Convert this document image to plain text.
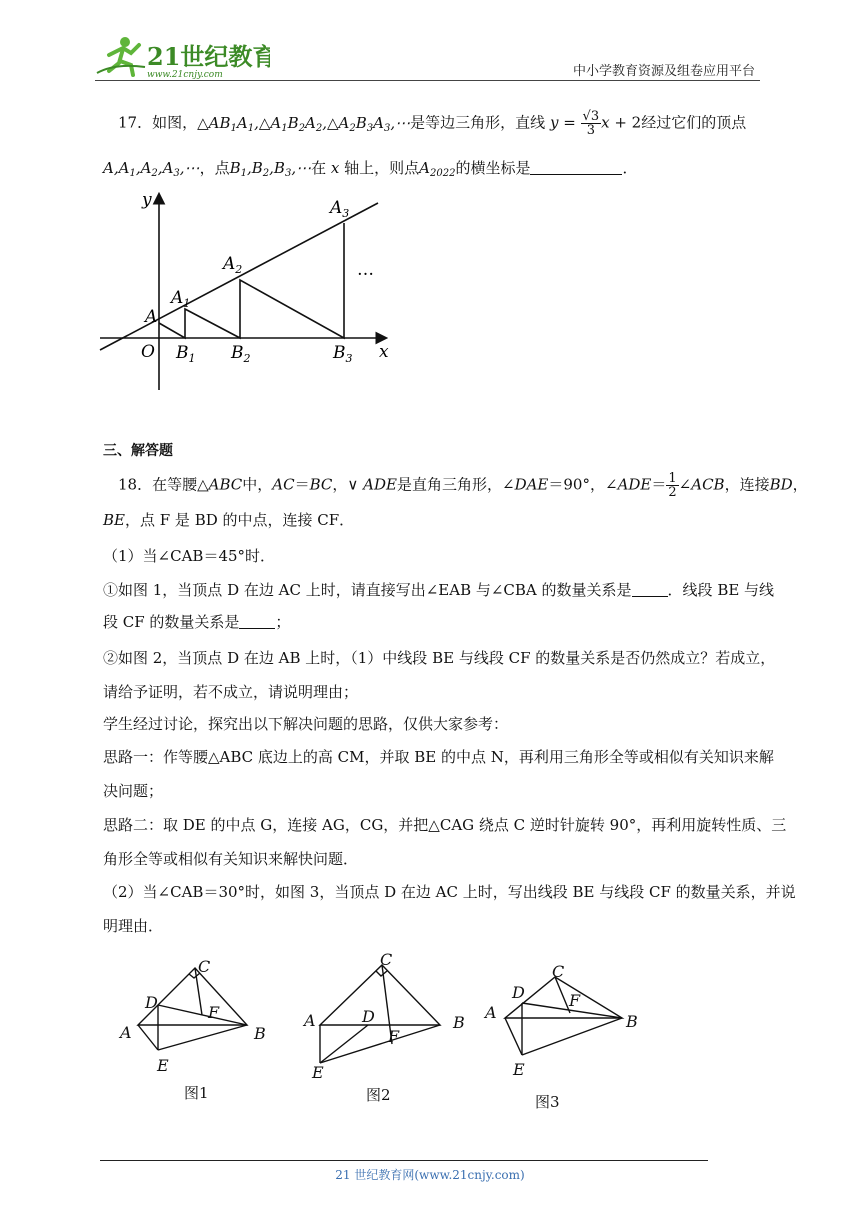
21世纪教育
www.21cnjy.com	中小学教育资源及组卷应用平台
17．如图，$\triangle AB_1A_1,\triangle A_1B_2A_2,\triangle A_2B_3A_3,\cdots$是等边三角形，直线 $y = \frac{√3}{3}$ x + 2经过它们的顶点
$A,A_1,A_2,A_3,\cdots$，点$B_1,B_2,B_3,\cdots$在 x 轴上，则点$A_{2022}$的横坐标是	．
y
x
O
A
$A_1$
$A_2$
$A_3$
$B_1$ $B_2$	$B_3$
…
三、解答题
18．在等腰△ABC中，AC＝BC，∨ ADE是直角三角形，∠DAE＝90°，∠ADE＝ $\frac{1}{2}$ ∠ACB，连接BD，
BE，点 F 是 BD 的中点，连接 CF．
（1）当∠CAB＝45°时．
①如图 1，当顶点 D 在边 AC 上时，请直接写出∠EAB 与∠CBA 的数量关系是 ．线段 BE 与线
段 CF 的数量关系是 ；
②如图 2，当顶点 D 在边 AB 上时，（1）中线段 BE 与线段 CF 的数量关系是否仍然成立？若成立，
请给予证明，若不成立，请说明理由；
学生经过讨论，探究出以下解决问题的思路，仅供大家参考：
思路一：作等腰△ABC 底边上的高 CM，并取 BE 的中点 N，再利用三角形全等或相似有关知识来解
决问题；
思路二：取 DE 的中点 G，连接 AG，CG，并把△CAG 绕点 C 逆时针旋转 90°，再利用旋转性质、三
角形全等或相似有关知识来解快问题．
（2）当∠CAB＝30°时，如图 3，当顶点 D 在边 AC 上时，写出线段 BE 与线段 CF 的数量关系，并说
明理由．
C
D
F
A	B
E
C
D
F
A	B
E
C
D	F
A	B
E
图1	图2	图3
21 世纪教育网(www.21cnjy.com)
